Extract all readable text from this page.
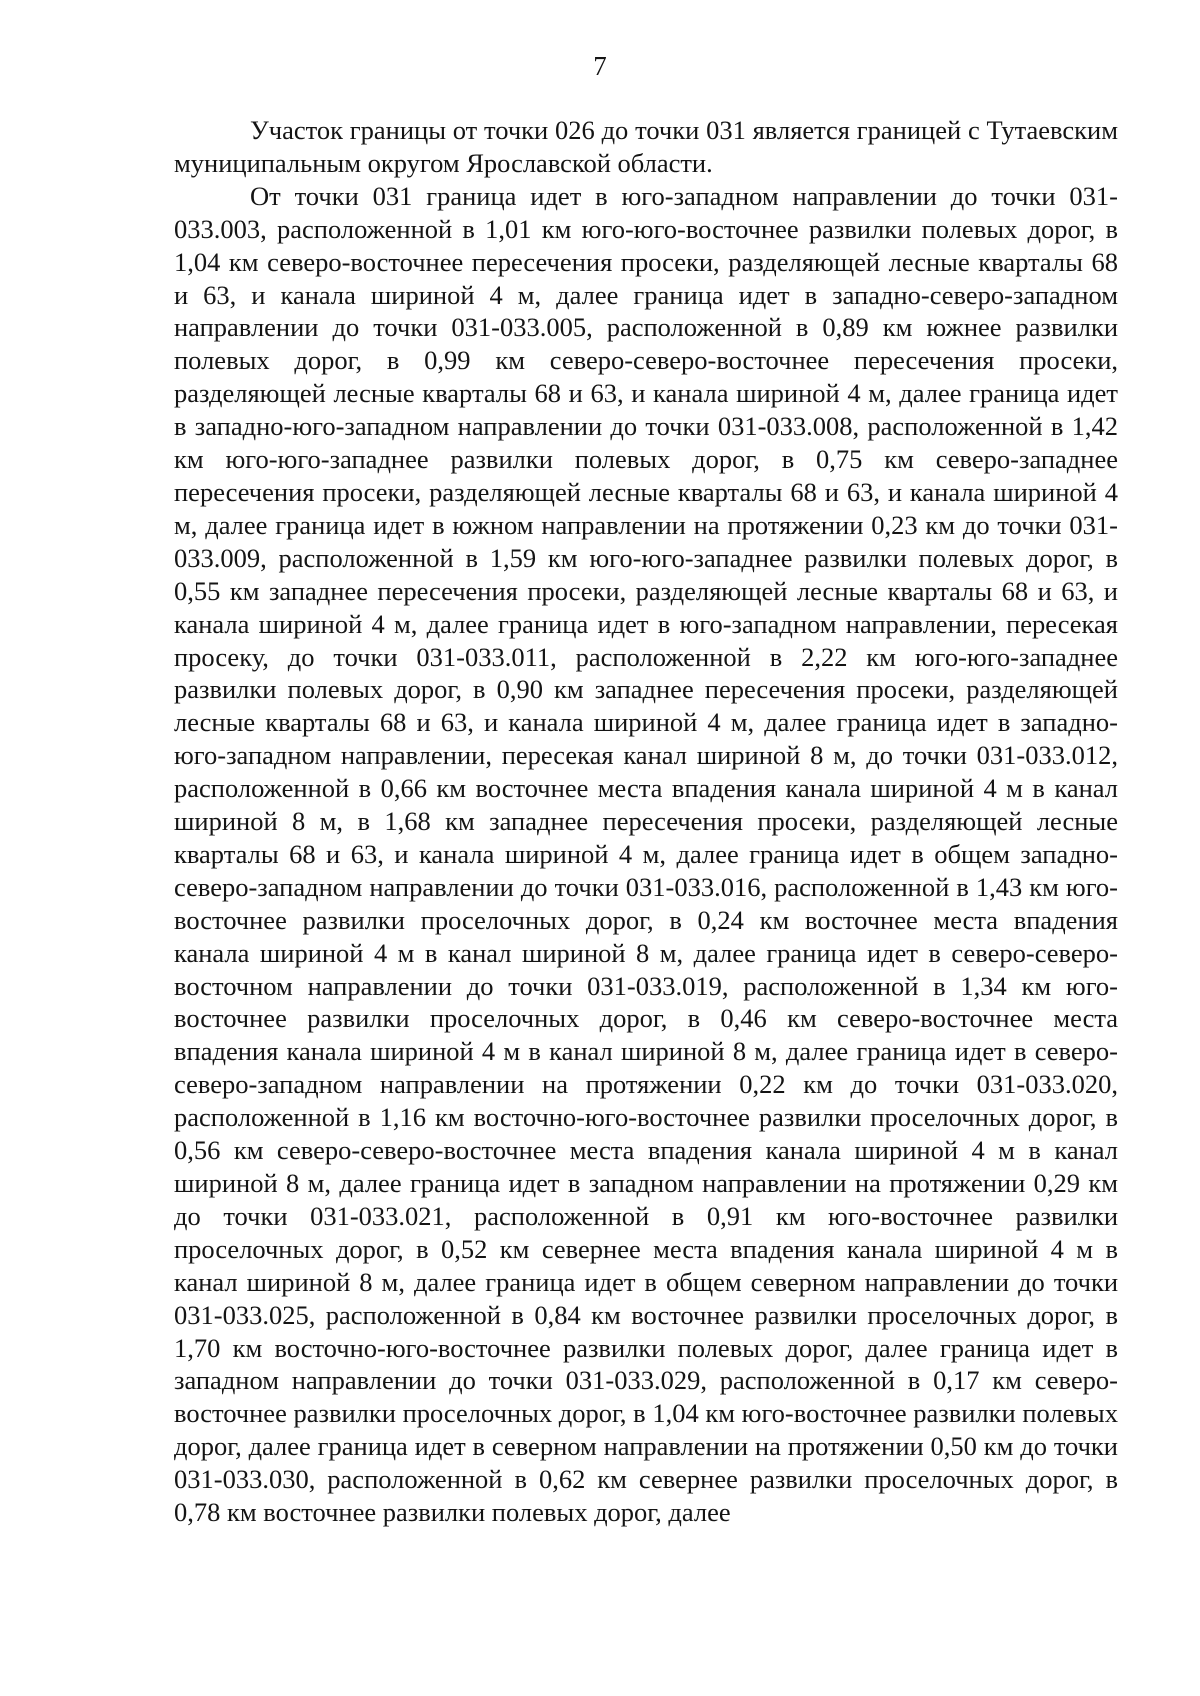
7

Участок границы от точки 026 до точки 031 является границей с Тутаевским муниципальным округом Ярославской области.

От точки 031 граница идет в юго-западном направлении до точки 031-033.003, расположенной в 1,01 км юго-юго-восточнее развилки полевых дорог, в 1,04 км северо-восточнее пересечения просеки, разделяющей лесные кварталы 68 и 63, и канала шириной 4 м, далее граница идет в западно-северо-западном направлении до точки 031-033.005, расположенной в 0,89 км южнее развилки полевых дорог, в 0,99 км северо-северо-восточнее пересечения просеки, разделяющей лесные кварталы 68 и 63, и канала шириной 4 м, далее граница идет в западно-юго-западном направлении до точки 031-033.008, расположенной в 1,42 км юго-юго-западнее развилки полевых дорог, в 0,75 км северо-западнее пересечения просеки, разделяющей лесные кварталы 68 и 63, и канала шириной 4 м, далее граница идет в южном направлении на протяжении 0,23 км до точки 031-033.009, расположенной в 1,59 км юго-юго-западнее развилки полевых дорог, в 0,55 км западнее пересечения просеки, разделяющей лесные кварталы 68 и 63, и канала шириной 4 м, далее граница идет в юго-западном направлении, пересекая просеку, до точки 031-033.011, расположенной в 2,22 км юго-юго-западнее развилки полевых дорог, в 0,90 км западнее пересечения просеки, разделяющей лесные кварталы 68 и 63, и канала шириной 4 м, далее граница идет в западно-юго-западном направлении, пересекая канал шириной 8 м, до точки 031-033.012, расположенной в 0,66 км восточнее места впадения канала шириной 4 м в канал шириной 8 м, в 1,68 км западнее пересечения просеки, разделяющей лесные кварталы 68 и 63, и канала шириной 4 м, далее граница идет в общем западно-северо-западном направлении до точки 031-033.016, расположенной в 1,43 км юго-восточнее развилки проселочных дорог, в 0,24 км восточнее места впадения канала шириной 4 м в канал шириной 8 м, далее граница идет в северо-северо-восточном направлении до точки 031-033.019, расположенной в 1,34 км юго-восточнее развилки проселочных дорог, в 0,46 км северо-восточнее места впадения канала шириной 4 м в канал шириной 8 м, далее граница идет в северо-северо-западном направлении на протяжении 0,22 км до точки 031-033.020, расположенной в 1,16 км восточно-юго-восточнее развилки проселочных дорог, в 0,56 км северо-северо-восточнее места впадения канала шириной 4 м в канал шириной 8 м, далее граница идет в западном направлении на протяжении 0,29 км до точки 031-033.021, расположенной в 0,91 км юго-восточнее развилки проселочных дорог, в 0,52 км севернее места впадения канала шириной 4 м в канал шириной 8 м, далее граница идет в общем северном направлении до точки 031-033.025, расположенной в 0,84 км восточнее развилки проселочных дорог, в 1,70 км восточно-юго-восточнее развилки полевых дорог, далее граница идет в западном направлении до точки 031-033.029, расположенной в 0,17 км северо-восточнее развилки проселочных дорог, в 1,04 км юго-восточнее развилки полевых дорог, далее граница идет в северном направлении на протяжении 0,50 км до точки 031-033.030, расположенной в 0,62 км севернее развилки проселочных дорог, в 0,78 км восточнее развилки полевых дорог, далее
